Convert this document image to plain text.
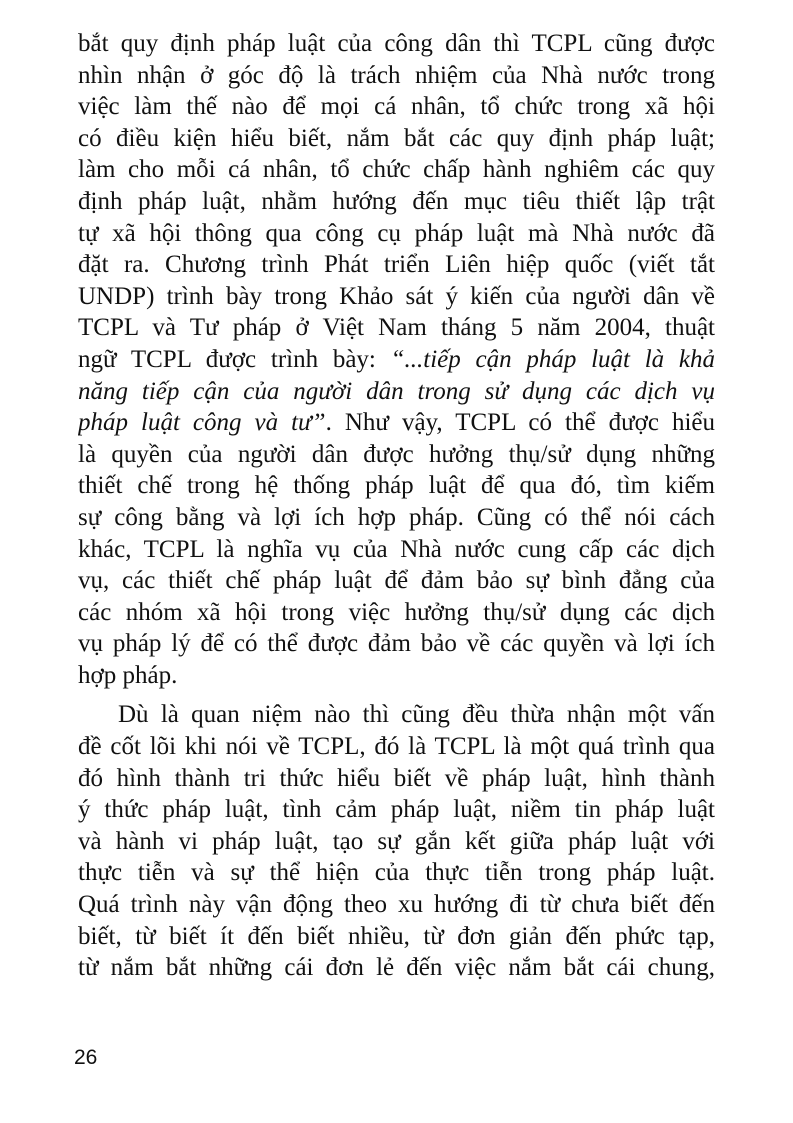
bắt quy định pháp luật của công dân thì TCPL cũng được
nhìn nhận ở góc độ là trách nhiệm của Nhà nước trong
việc làm thế nào để mọi cá nhân, tổ chức trong xã hội
có điều kiện hiểu biết, nắm bắt các quy định pháp luật;
làm cho mỗi cá nhân, tổ chức chấp hành nghiêm các quy
định pháp luật, nhằm hướng đến mục tiêu thiết lập trật
tự xã hội thông qua công cụ pháp luật mà Nhà nước đã
đặt ra. Chương trình Phát triển Liên hiệp quốc (viết tắt
UNDP) trình bày trong Khảo sát ý kiến của người dân về
TCPL và Tư pháp ở Việt Nam tháng 5 năm 2004, thuật
ngữ TCPL được trình bày: “...tiếp cận pháp luật là khả
năng tiếp cận của người dân trong sử dụng các dịch vụ
pháp luật công và tư”. Như vậy, TCPL có thể được hiểu
là quyền của người dân được hưởng thụ/sử dụng những
thiết chế trong hệ thống pháp luật để qua đó, tìm kiếm
sự công bằng và lợi ích hợp pháp. Cũng có thể nói cách
khác, TCPL là nghĩa vụ của Nhà nước cung cấp các dịch
vụ, các thiết chế pháp luật để đảm bảo sự bình đẳng của
các nhóm xã hội trong việc hưởng thụ/sử dụng các dịch
vụ pháp lý để có thể được đảm bảo về các quyền và lợi ích
hợp pháp.
Dù là quan niệm nào thì cũng đều thừa nhận một vấn
đề cốt lõi khi nói về TCPL, đó là TCPL là một quá trình qua
đó hình thành tri thức hiểu biết về pháp luật, hình thành
ý thức pháp luật, tình cảm pháp luật, niềm tin pháp luật
và hành vi pháp luật, tạo sự gắn kết giữa pháp luật với
thực tiễn và sự thể hiện của thực tiễn trong pháp luật.
Quá trình này vận động theo xu hướng đi từ chưa biết đến
biết, từ biết ít đến biết nhiều, từ đơn giản đến phức tạp,
từ nắm bắt những cái đơn lẻ đến việc nắm bắt cái chung,
26
